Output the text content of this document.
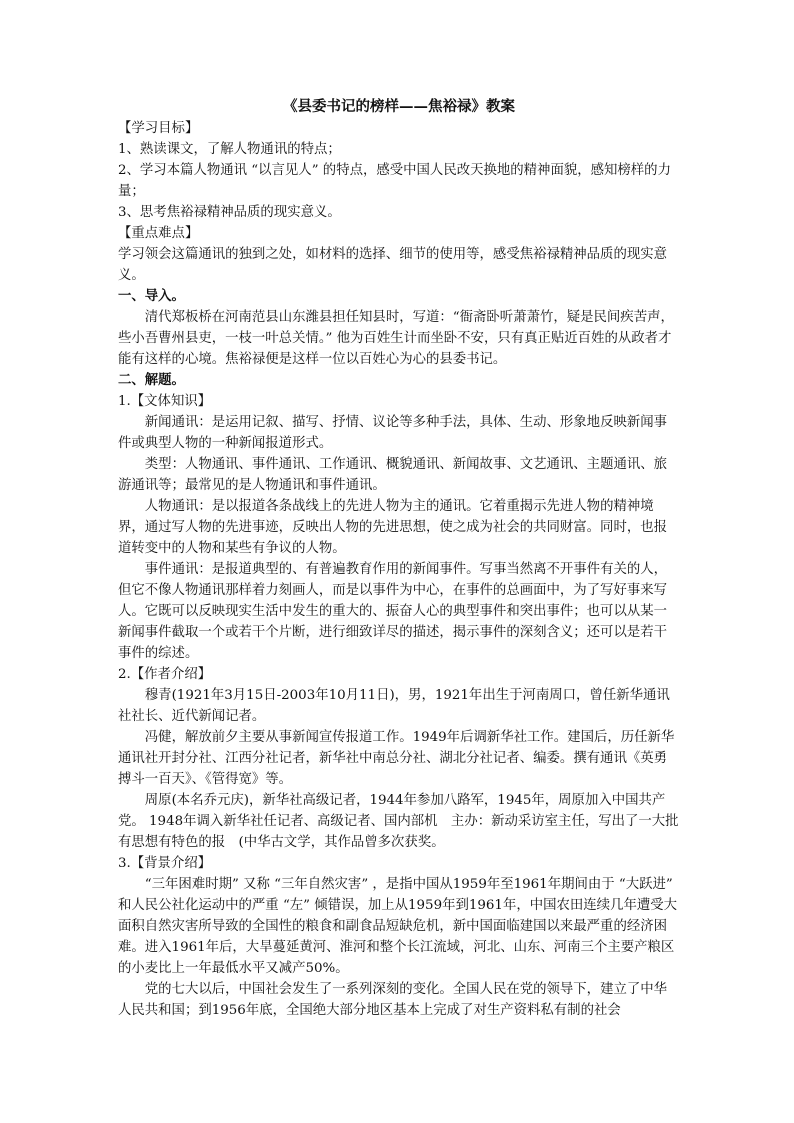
《县委书记的榜样——焦裕禄》教案
【学习目标】
1、熟读课文，了解人物通讯的特点；
2、学习本篇人物通讯 “以言见人” 的特点，感受中国人民改天换地的精神面貌，感知榜样的力量；
3、思考焦裕禄精神品质的现实意义。
【重点难点】
学习领会这篇通讯的独到之处，如材料的选择、细节的使用等，感受焦裕禄精神品质的现实意义。
一、导入。
清代郑板桥在河南范县山东潍县担任知县时，写道：“衙斋卧听萧萧竹，疑是民间疾苦声，些小吾曹州县吏，一枝一叶总关情。” 他为百姓生计而坐卧不安，只有真正贴近百姓的从政者才能有这样的心境。焦裕禄便是这样一位以百姓心为心的县委书记。
二、解题。
1.【文体知识】
新闻通讯：是运用记叙、描写、抒情、议论等多种手法，具体、生动、形象地反映新闻事件或典型人物的一种新闻报道形式。
类型：人物通讯、事件通讯、工作通讯、概貌通讯、新闻故事、文艺通讯、主题通讯、旅游通讯等；最常见的是人物通讯和事件通讯。
人物通讯：是以报道各条战线上的先进人物为主的通讯。它着重揭示先进人物的精神境界，通过写人物的先进事迹，反映出人物的先进思想，使之成为社会的共同财富。同时，也报道转变中的人物和某些有争议的人物。
事件通讯：是报道典型的、有普遍教育作用的新闻事件。写事当然离不开事件有关的人，但它不像人物通讯那样着力刻画人，而是以事件为中心，在事件的总画面中，为了写好事来写人。它既可以反映现实生活中发生的重大的、振奋人心的典型事件和突出事件；也可以从某一新闻事件截取一个或若干个片断，进行细致详尽的描述，揭示事件的深刻含义；还可以是若干事件的综述。
2.【作者介绍】
穆青(1921年3月15日-2003年10月11日)，男，1921年出生于河南周口，曾任新华通讯社社长、近代新闻记者。
冯健，解放前夕主要从事新闻宣传报道工作。1949年后调新华社工作。建国后，历任新华通讯社开封分社、江西分社记者，新华社中南总分社、湖北分社记者、编委。撰有通讯《英勇搏斗一百天》、《管得宽》等。
周原(本名乔元庆)，新华社高级记者，1944年参加八路军，1945年，周原加入中国共产党。 1948年调入新华社任记者、高级记者、国内部机　主办：新动采访室主任，写出了一大批有思想有特色的报　(中华古文学，其作品曾多次获奖。
3.【背景介绍】
“三年困难时期” 又称 “三年自然灾害” ，是指中国从1959年至1961年期间由于 “大跃进” 和人民公社化运动中的严重 “左” 倾错误，加上从1959年到1961年，中国农田连续几年遭受大面积自然灾害所导致的全国性的粮食和副食品短缺危机，新中国面临建国以来最严重的经济困难。进入1961年后，大旱蔓延黄河、淮河和整个长江流域，河北、山东、河南三个主要产粮区的小麦比上一年最低水平又减产50%。
党的七大以后，中国社会发生了一系列深刻的变化。全国人民在党的领导下，建立了中华人民共和国；到1956年底，全国绝大部分地区基本上完成了对生产资料私有制的社会
